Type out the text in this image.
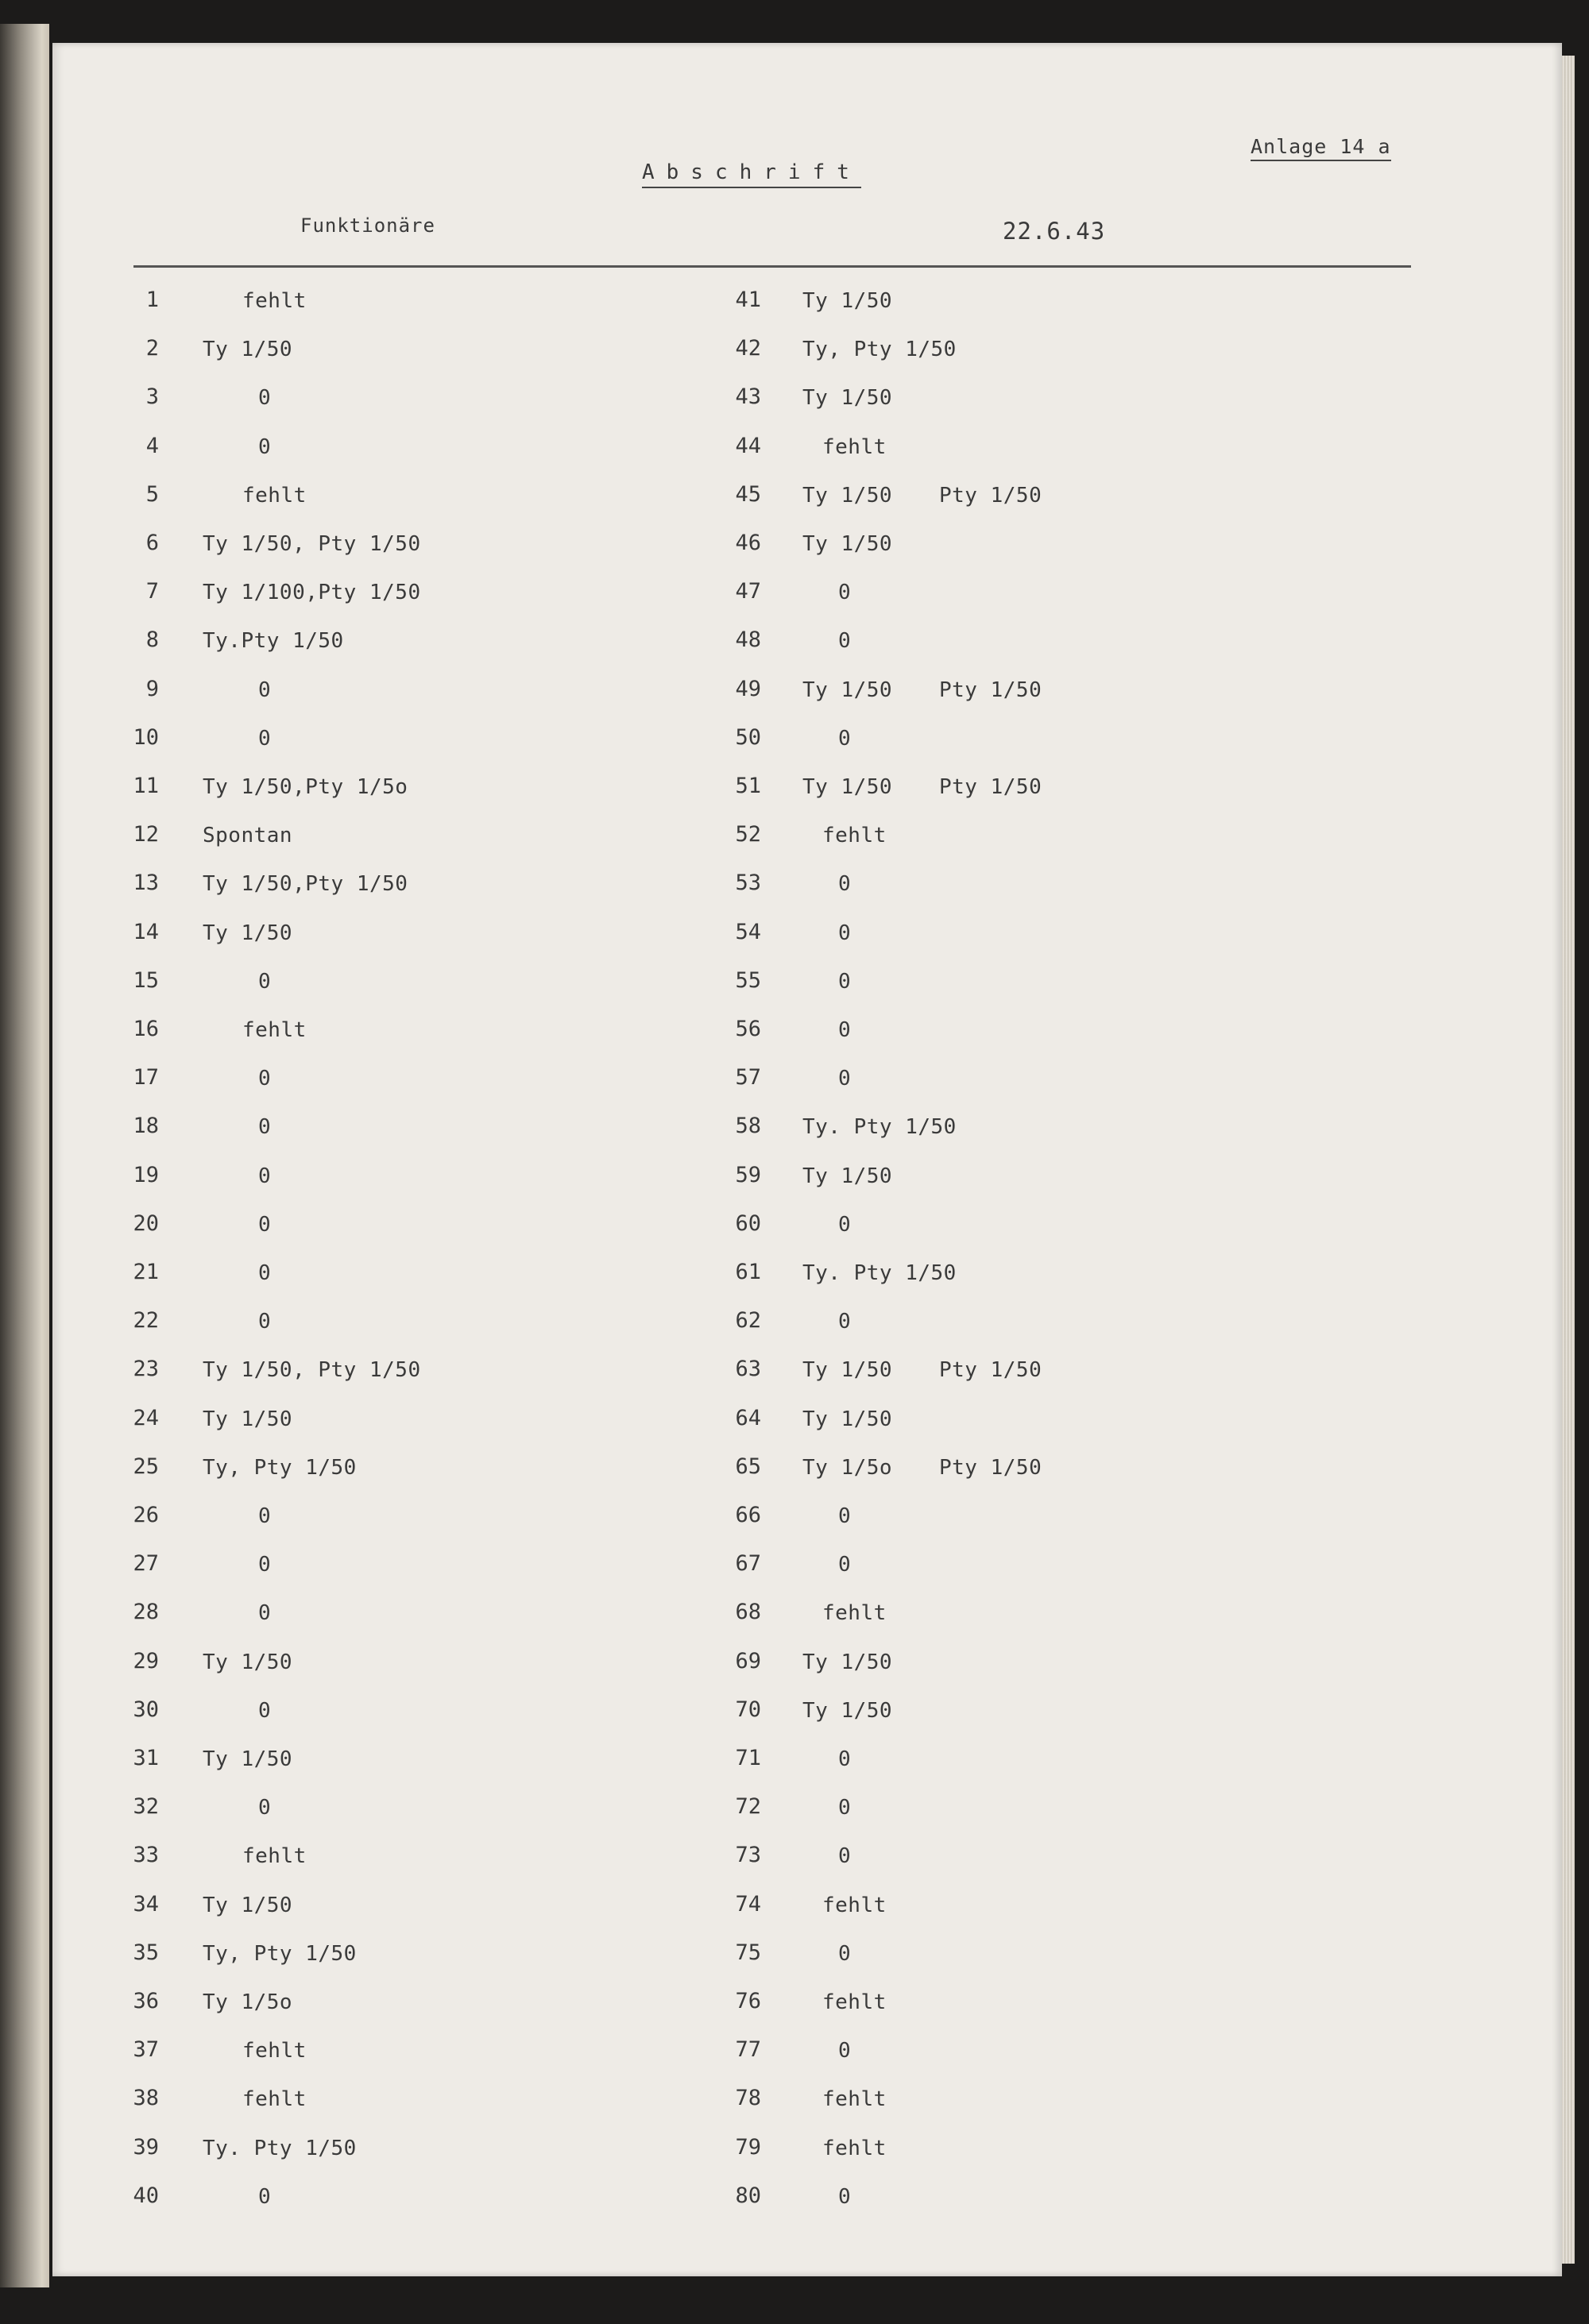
Anlage 14 a
Abschrift
Funktionäre	22.6.43
1	fehlt
2 Ty 1/50
3	0
4	0
5	fehlt
6 Ty 1/50, Pty 1/50
7 Ty 1/100,Pty 1/50
8 Ty.Pty 1/50
9	0
10	0
11 Ty 1/50,Pty 1/5o
12 Spontan
13 Ty 1/50,Pty 1/50
14 Ty 1/50
15	0
16	fehlt
17	0
18	0
19	0
20	0
21	0
22	0
23 Ty 1/50, Pty 1/50
24 Ty 1/50
25 Ty, Pty 1/50
26	0
27	0
28	0
29 Ty 1/50
30	0
31 Ty 1/50
32	0
33	fehlt
34 Ty 1/50
35 Ty, Pty 1/50
36 Ty 1/5o
37	fehlt
38	fehlt
39 Ty. Pty 1/50
40	0
41 Ty 1/50
42 Ty, Pty 1/50
43 Ty 1/50
44	fehlt
45 Ty 1/50 Pty 1/50
46 Ty 1/50
47	0
48	0
49 Ty 1/50 Pty 1/50
50	0
51 Ty 1/50 Pty 1/50
52	fehlt
53	0
54	0
55	0
56	0
57	0
58 Ty. Pty 1/50
59 Ty 1/50
60	0
61 Ty. Pty 1/50
62	0
63 Ty 1/50 Pty 1/50
64 Ty 1/50
65 Ty 1/5o Pty 1/50
66	0
67	0
68	fehlt
69 Ty 1/50
70 Ty 1/50
71	0
72	0
73	0
74	fehlt
75	0
76	fehlt
77	0
78	fehlt
79	fehlt
80	0
